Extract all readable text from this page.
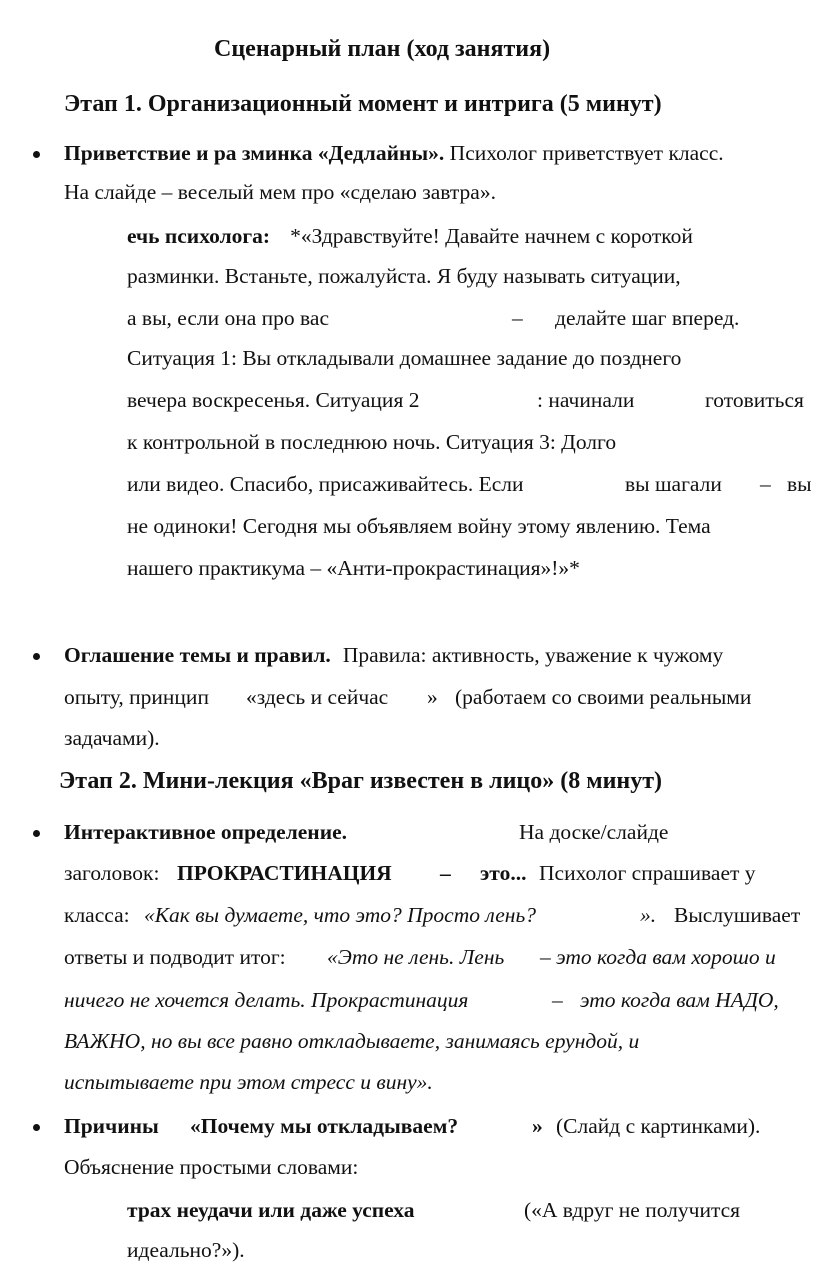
Сценарный план (ход занятия)
Этап 1. Организационный момент и интрига (5 минут)
Приветствие и ра зминка «Дедлайны». Психолог приветствует класс.
На слайде – веселый мем про «сделаю завтра».
ечь психолога: *«Здравствуйте! Давайте начнем с короткой
разминки. Встаньте, пожалуйста. Я буду называть ситуации,
а вы, если она про вас	– делайте шаг вперед.
Ситуация 1: Вы откладывали домашнее задание до позднего
вечера воскресенья. Ситуация 2	: начинали	готовиться
к контрольной в последнюю ночь. Ситуация 3: Долго
или видео. Спасибо, присаживайтесь. Если	вы шагали – вы
не одиноки! Сегодня мы объявляем войну этому явлению. Тема
нашего практикума – «Анти-прокрастинация»!»*
Оглашение темы и правил. Правила: активность, уважение к чужому
опыту, принцип «здесь и сейчас » (работаем со своими реальными
задачами).
Этап 2. Мини-лекция «Враг известен в лицо» (8 минут)
Интерактивное определение.	На доске/слайде
заголовок: ПРОКРАСТИНАЦИЯ – это... Психолог спрашивает у
класса: «Как вы думаете, что это? Просто лень?	». Выслушивает
ответы и подводит итог: «Это не лень. Лень – это когда вам хорошо и
ничего не хочется делать. Прокрастинация	– это когда вам НАДО,
ВАЖНО, но вы все равно откладываете, занимаясь ерундой, и
испытываете при этом стресс и вину».
Причины «Почему мы откладываем?	» (Слайд с картинками).
Объяснение простыми словами:
трах неудачи или даже успеха	(«А вдруг не получится
идеально?»).
